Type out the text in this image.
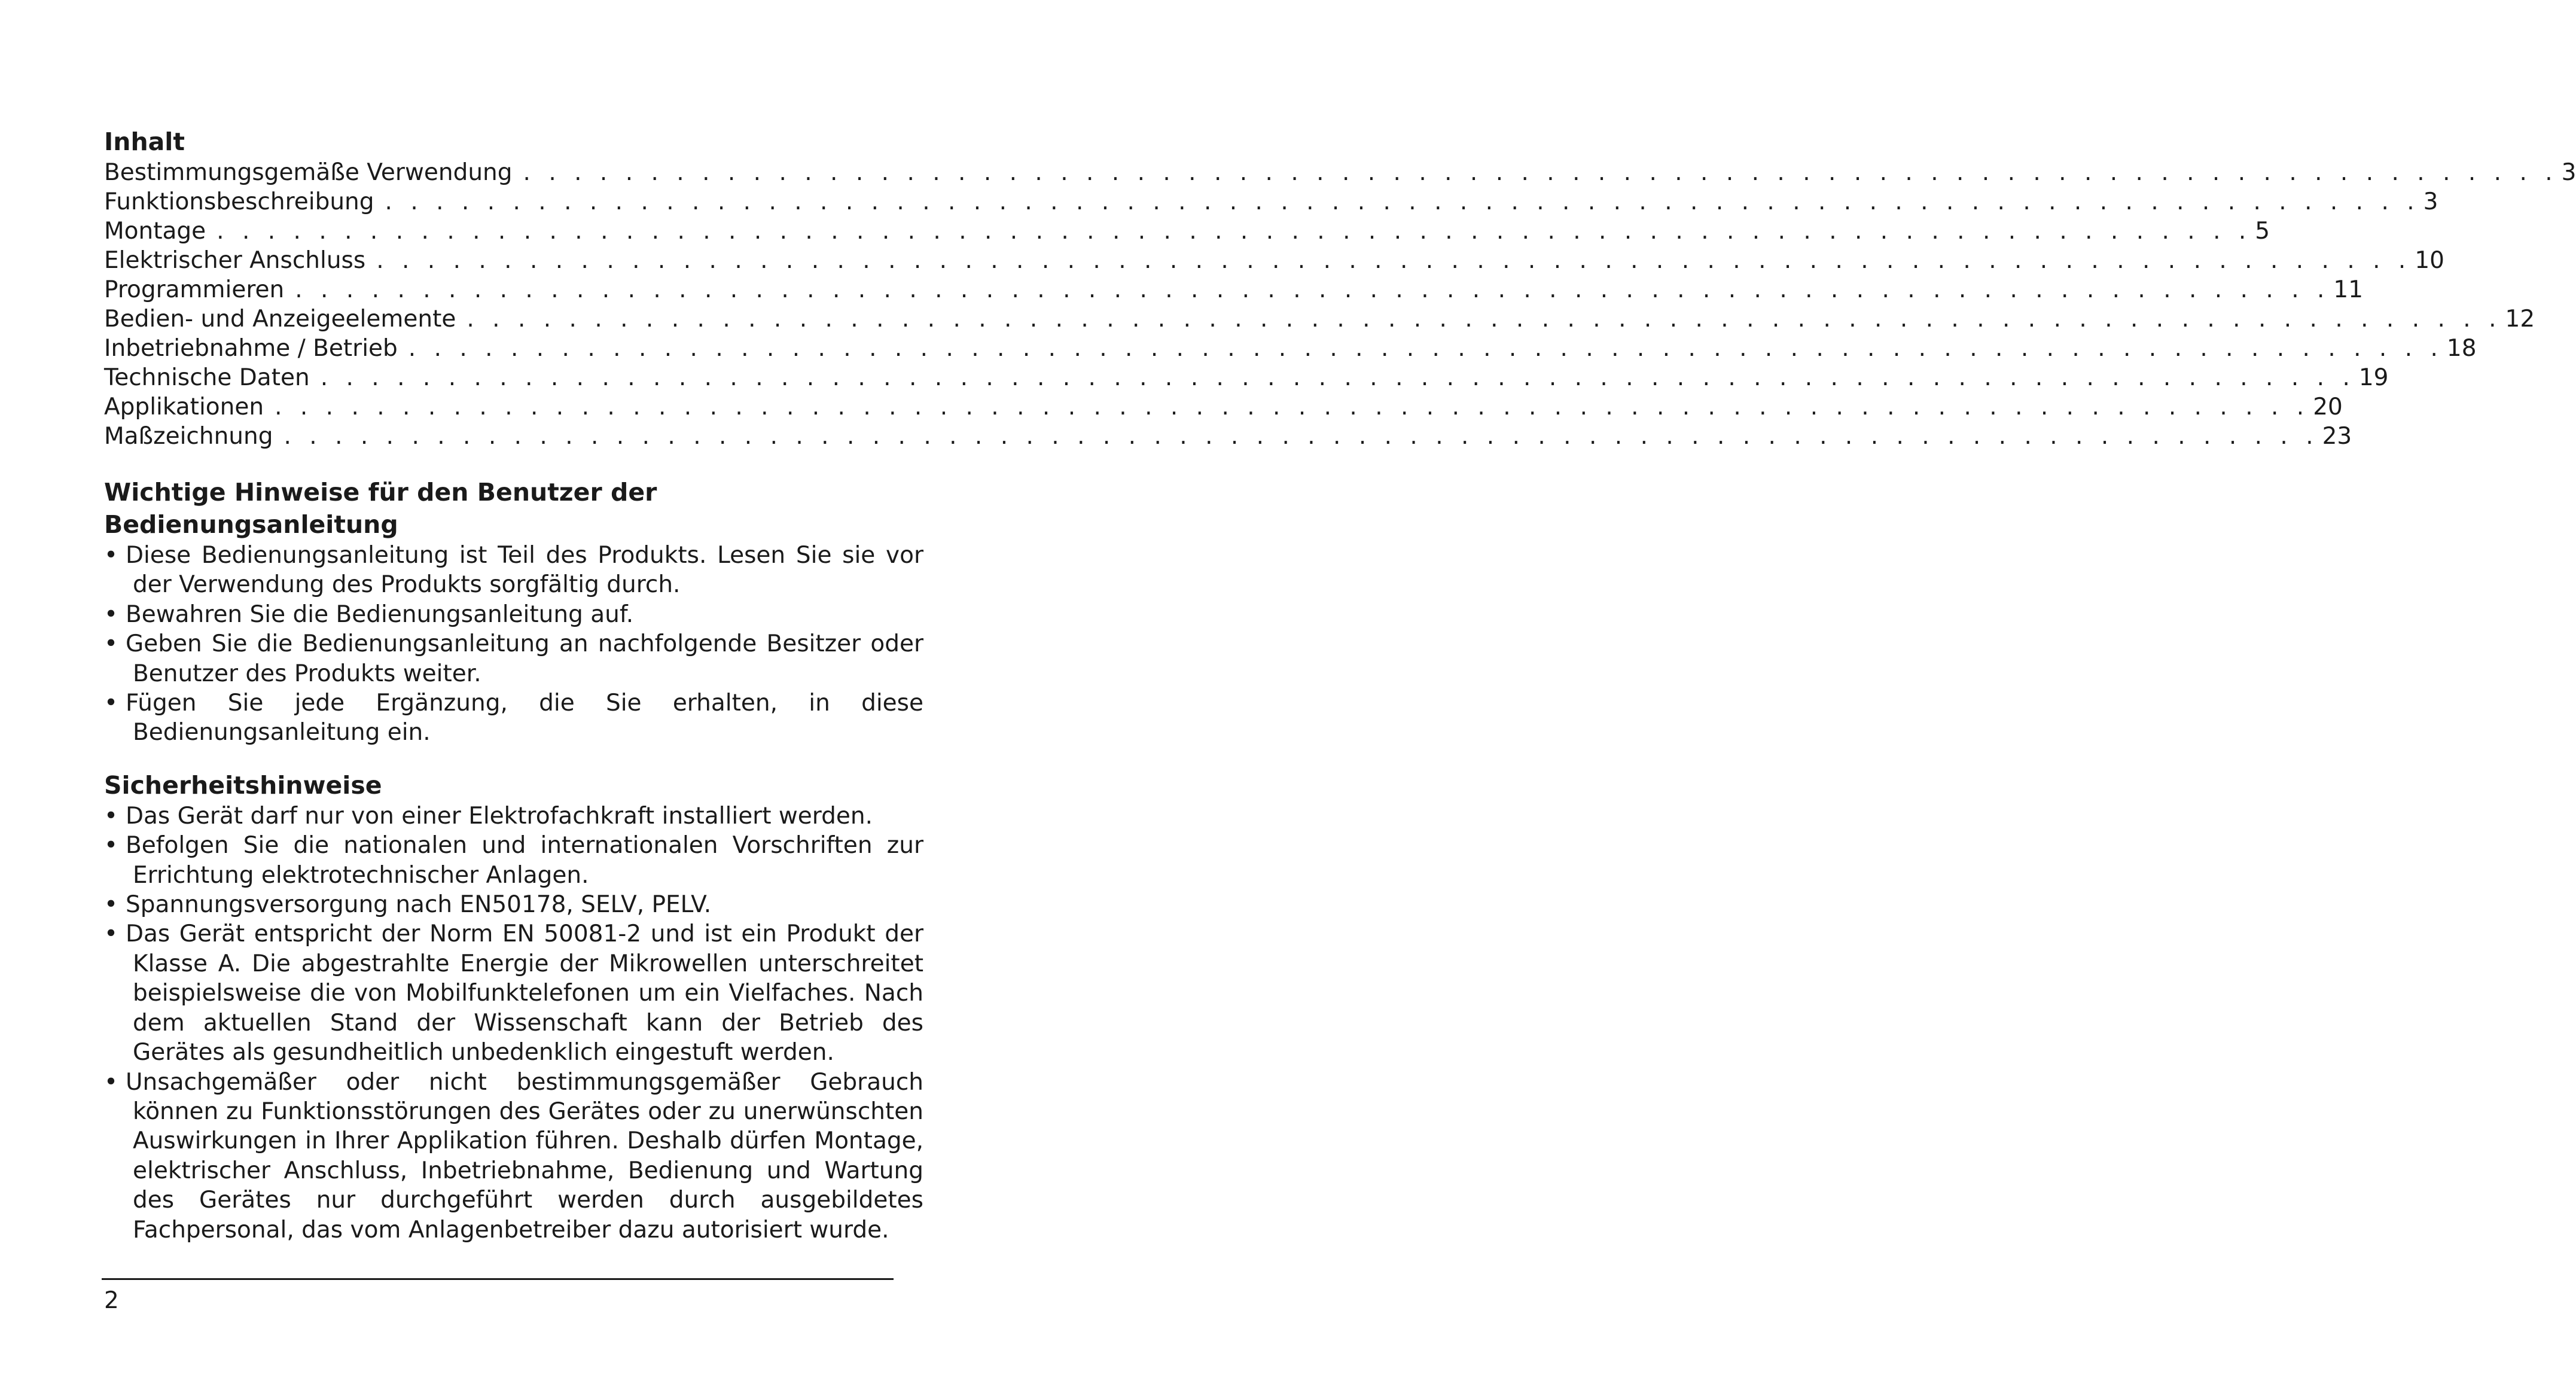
Inhalt
Bestimmungsgemäße Verwendung . . . . . . . . . . . . . . . . . . . . . . . . . . . . . . . . . . . . . . . . . . . . . . . . . . . . . . . . . . . . . . . . . . . . . . . . . . . . . . . . 3
Funktionsbeschreibung . . . . . . . . . . . . . . . . . . . . . . . . . . . . . . . . . . . . . . . . . . . . . . . . . . . . . . . . . . . . . . . . . . . . . . . . . . . . . . . . 3
Montage . . . . . . . . . . . . . . . . . . . . . . . . . . . . . . . . . . . . . . . . . . . . . . . . . . . . . . . . . . . . . . . . . . . . . . . . . . . . . . . . 5
Elektrischer Anschluss . . . . . . . . . . . . . . . . . . . . . . . . . . . . . . . . . . . . . . . . . . . . . . . . . . . . . . . . . . . . . . . . . . . . . . . . . . . . . . . . 10
Programmieren . . . . . . . . . . . . . . . . . . . . . . . . . . . . . . . . . . . . . . . . . . . . . . . . . . . . . . . . . . . . . . . . . . . . . . . . . . . . . . . . 11
Bedien- und Anzeigeelemente . . . . . . . . . . . . . . . . . . . . . . . . . . . . . . . . . . . . . . . . . . . . . . . . . . . . . . . . . . . . . . . . . . . . . . . . . . . . . . . . 12
Inbetriebnahme / Betrieb . . . . . . . . . . . . . . . . . . . . . . . . . . . . . . . . . . . . . . . . . . . . . . . . . . . . . . . . . . . . . . . . . . . . . . . . . . . . . . . . 18
Technische Daten . . . . . . . . . . . . . . . . . . . . . . . . . . . . . . . . . . . . . . . . . . . . . . . . . . . . . . . . . . . . . . . . . . . . . . . . . . . . . . . . 19
Applikationen . . . . . . . . . . . . . . . . . . . . . . . . . . . . . . . . . . . . . . . . . . . . . . . . . . . . . . . . . . . . . . . . . . . . . . . . . . . . . . . . 20
Maßzeichnung . . . . . . . . . . . . . . . . . . . . . . . . . . . . . . . . . . . . . . . . . . . . . . . . . . . . . . . . . . . . . . . . . . . . . . . . . . . . . . . . 23
Wichtige Hinweise für den Benutzer der
Bedienungsanleitung
• Diese Bedienungsanleitung ist Teil des Produkts. Lesen Sie sie vor der Verwendung des Produkts sorgfältig durch.
• Bewahren Sie die Bedienungsanleitung auf.
• Geben Sie die Bedienungsanleitung an nachfolgende Besitzer oder Benutzer des Produkts weiter.
• Fügen Sie jede Ergänzung, die Sie erhalten, in diese Bedienungsanleitung ein.
Sicherheitshinweise
• Das Gerät darf nur von einer Elektrofachkraft installiert werden.
• Befolgen Sie die nationalen und internationalen Vorschriften zur Errichtung elektrotechnischer Anlagen.
• Spannungsversorgung nach EN50178, SELV, PELV.
• Das Gerät entspricht der Norm EN 50081-2 und ist ein Produkt der Klasse A. Die abgestrahlte Energie der Mikrowellen unterschreitet beispielsweise die von Mobilfunktelefonen um ein Vielfaches. Nach dem aktuellen Stand der Wissenschaft kann der Betrieb des Gerätes als gesundheitlich unbedenklich eingestuft werden.
• Unsachgemäßer oder nicht bestimmungsgemäßer Gebrauch können zu Funktionsstörungen des Gerätes oder zu unerwünschten Auswirkungen in Ihrer Applikation führen. Deshalb dürfen Montage, elektrischer Anschluss, Inbetriebnahme, Bedienung und Wartung des Gerätes nur durchgeführt werden durch ausgebildetes Fachpersonal, das vom Anlagenbetreiber dazu autorisiert wurde.
2
